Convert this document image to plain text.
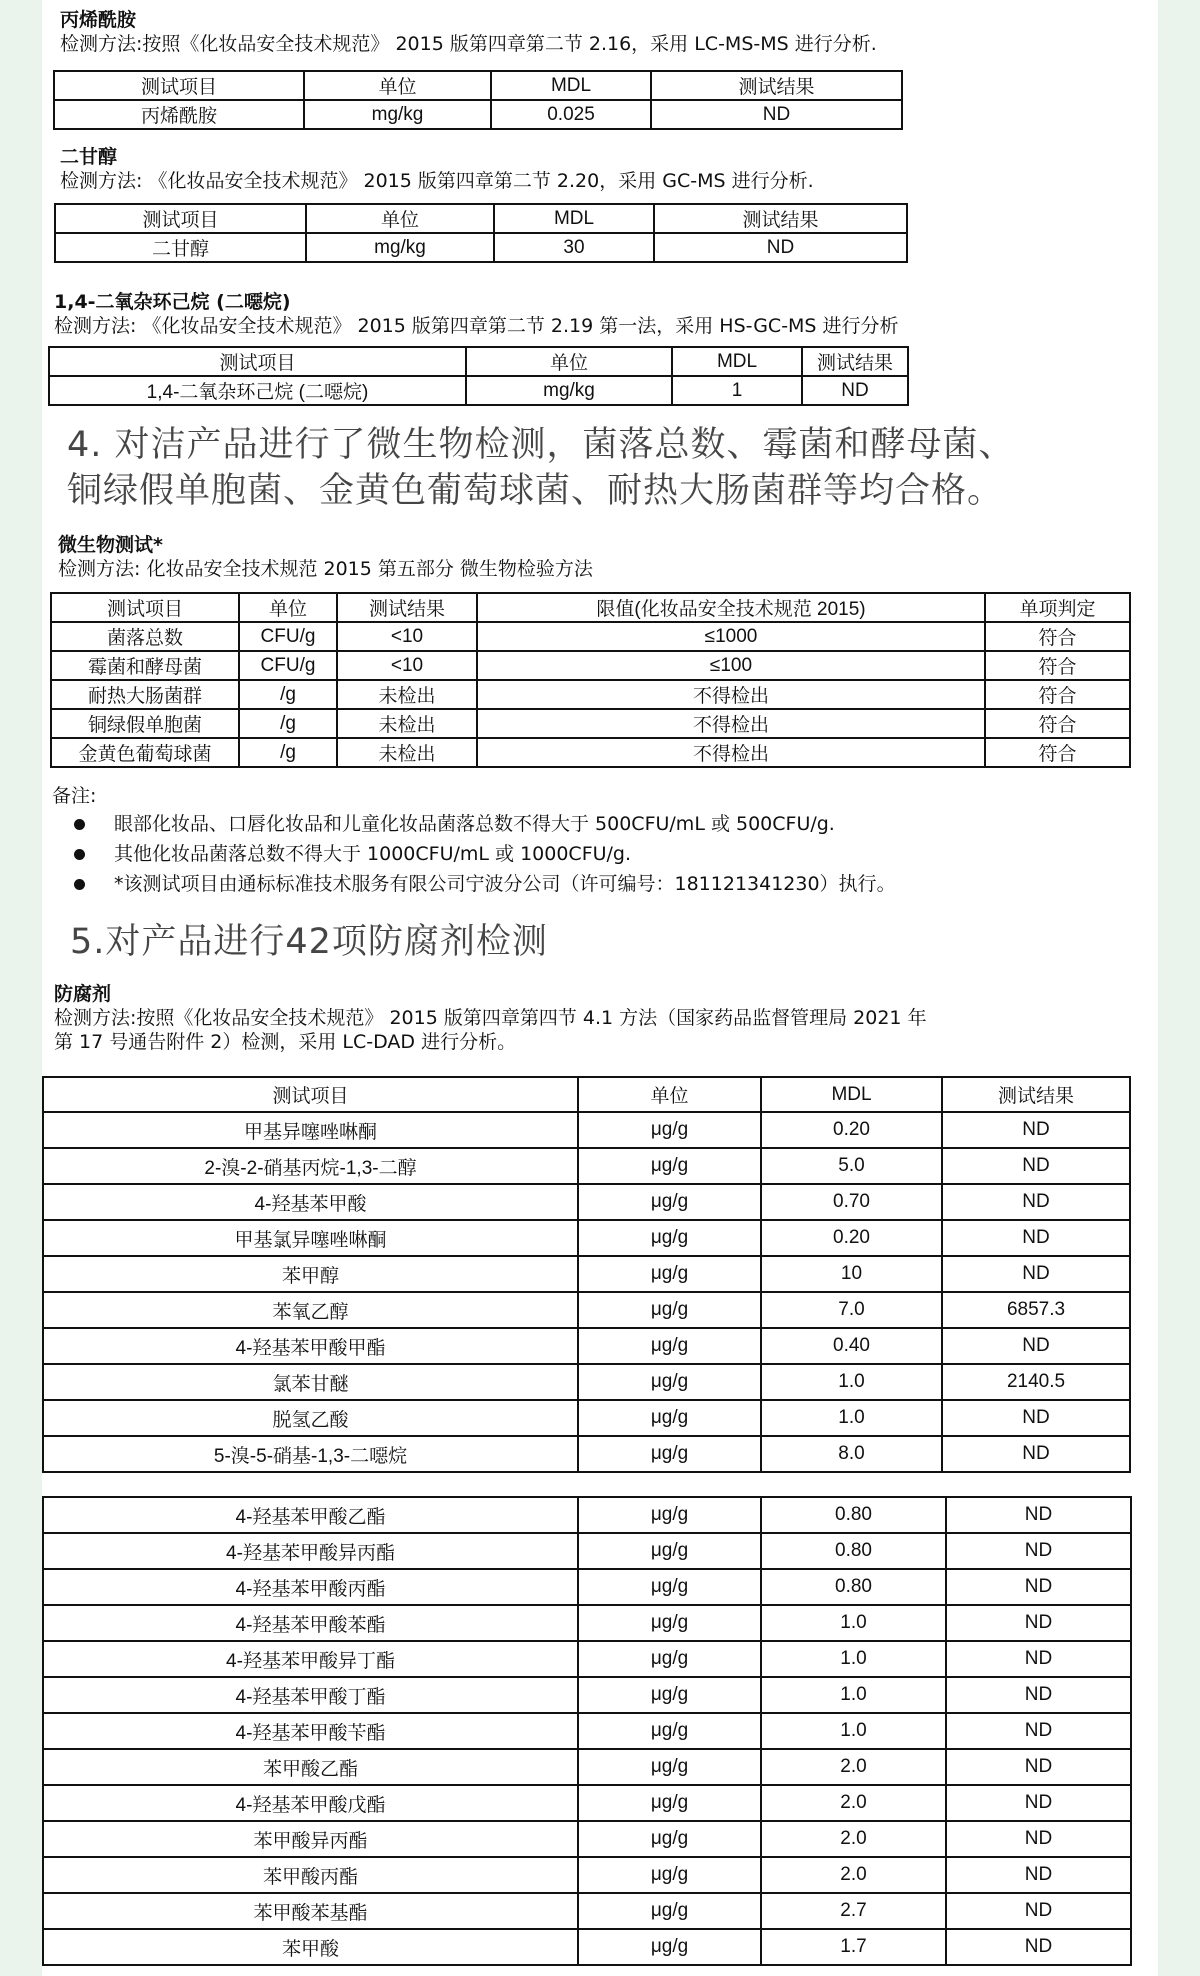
丙烯酰胺
检测方法:按照《化妆品安全技术规范》 2015 版第四章第二节 2.16，采用 LC-MS-MS 进行分析.
测试项目	单位	MDL	测试结果
丙烯酰胺	mg/kg	0.025	ND
二甘醇
检测方法: 《化妆品安全技术规范》 2015 版第四章第二节 2.20，采用 GC-MS 进行分析.
测试项目	单位	MDL	测试结果
二甘醇	mg/kg	30	ND
1,4-二氧杂环己烷 (二噁烷)
检测方法: 《化妆品安全技术规范》 2015 版第四章第二节 2.19 第一法，采用 HS-GC-MS 进行分析
测试项目	单位	MDL	测试结果
1,4-二氧杂环己烷 (二噁烷)	mg/kg	1	ND
4. 对洁产品进行了微生物检测，菌落总数、霉菌和酵母菌、
铜绿假单胞菌、金黄色葡萄球菌、耐热大肠菌群等均合格。
微生物测试*
检测方法: 化妆品安全技术规范 2015 第五部分 微生物检验方法
测试项目	单位	测试结果	限值(化妆品安全技术规范 2015)	单项判定
菌落总数	CFU/g	<10	≤1000	符合
霉菌和酵母菌	CFU/g	<10	≤100	符合
耐热大肠菌群	/g	未检出	不得检出	符合
铜绿假单胞菌	/g	未检出	不得检出	符合
金黄色葡萄球菌	/g	未检出	不得检出	符合
备注:
眼部化妆品、口唇化妆品和儿童化妆品菌落总数不得大于 500CFU/mL 或 500CFU/g.
其他化妆品菌落总数不得大于 1000CFU/mL 或 1000CFU/g.
*该测试项目由通标标准技术服务有限公司宁波分公司（许可编号：181121341230）执行。
5.对产品进行42项防腐剂检测
防腐剂
检测方法:按照《化妆品安全技术规范》 2015 版第四章第四节 4.1 方法（国家药品监督管理局 2021 年
第 17 号通告附件 2）检测，采用 LC-DAD 进行分析。
测试项目	单位	MDL	测试结果
甲基异噻唑啉酮	μg/g	0.20	ND
2-溴-2-硝基丙烷-1,3-二醇	μg/g	5.0	ND
4-羟基苯甲酸	μg/g	0.70	ND
甲基氯异噻唑啉酮	μg/g	0.20	ND
苯甲醇	μg/g	10	ND
苯氧乙醇	μg/g	7.0	6857.3
4-羟基苯甲酸甲酯	μg/g	0.40	ND
氯苯甘醚	μg/g	1.0	2140.5
脱氢乙酸	μg/g	1.0	ND
5-溴-5-硝基-1,3-二噁烷	μg/g	8.0	ND
4-羟基苯甲酸乙酯	μg/g	0.80	ND
4-羟基苯甲酸异丙酯	μg/g	0.80	ND
4-羟基苯甲酸丙酯	μg/g	0.80	ND
4-羟基苯甲酸苯酯	μg/g	1.0	ND
4-羟基苯甲酸异丁酯	μg/g	1.0	ND
4-羟基苯甲酸丁酯	μg/g	1.0	ND
4-羟基苯甲酸苄酯	μg/g	1.0	ND
苯甲酸乙酯	μg/g	2.0	ND
4-羟基苯甲酸戊酯	μg/g	2.0	ND
苯甲酸异丙酯	μg/g	2.0	ND
苯甲酸丙酯	μg/g	2.0	ND
苯甲酸苯基酯	μg/g	2.7	ND
苯甲酸	μg/g	1.7	ND
